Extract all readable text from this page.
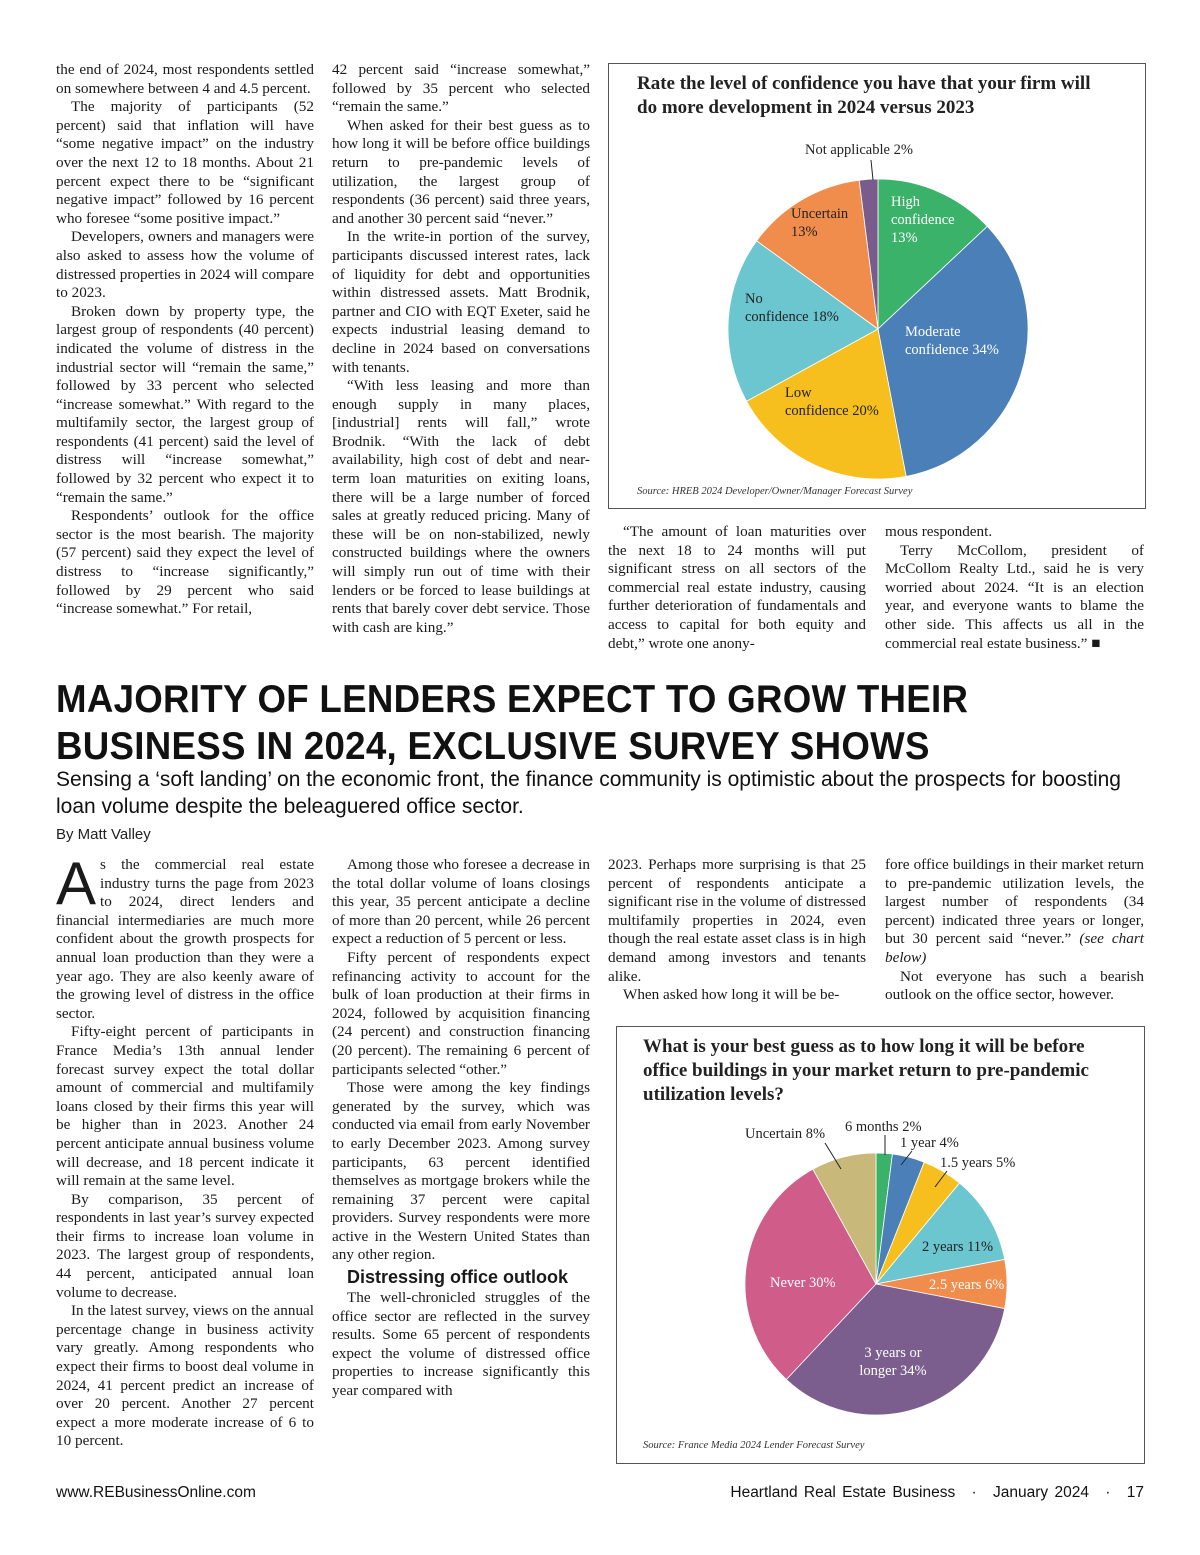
the end of 2024, most respondents settled on somewhere between 4 and 4.5 percent.

The majority of participants (52 percent) said that inflation will have “some negative impact” on the industry over the next 12 to 18 months. About 21 percent expect there to be “significant negative impact” followed by 16 percent who foresee “some positive impact.”

Developers, owners and managers were also asked to assess how the volume of distressed properties in 2024 will compare to 2023.

Broken down by property type, the largest group of respondents (40 percent) indicated the volume of distress in the industrial sector will “remain the same,” followed by 33 percent who selected “increase somewhat.” With regard to the multifamily sector, the largest group of respondents (41 percent) said the level of distress will “increase somewhat,” followed by 32 percent who expect it to “remain the same.”

Respondents’ outlook for the office sector is the most bearish. The majority (57 percent) said they expect the level of distress to “increase significantly,” followed by 29 percent who said “increase somewhat.” For retail,

42 percent said “increase somewhat,” followed by 35 percent who selected “remain the same.”

When asked for their best guess as to how long it will be before office buildings return to pre-pandemic levels of utilization, the largest group of respondents (36 percent) said three years, and another 30 percent said “never.”

In the write-in portion of the survey, participants discussed interest rates, lack of liquidity for debt and opportunities within distressed assets. Matt Brodnik, partner and CIO with EQT Exeter, said he expects industrial leasing demand to decline in 2024 based on conversations with tenants.

“With less leasing and more than enough supply in many places, [industrial] rents will fall,” wrote Brodnik. “With the lack of debt availability, high cost of debt and near-term loan maturities on exiting loans, there will be a large number of forced sales at greatly reduced pricing. Many of these will be on non-stabilized, newly constructed buildings where the owners will simply run out of time with their lenders or be forced to lease buildings at rents that barely cover debt service. Those with cash are king.”

Rate the level of confidence you have that your firm will
do more development in 2024 versus 2023
High
confidence
13%
Moderate
confidence 34%
Low
confidence 20%
No
confidence 18%
Uncertain
13%
Not applicable 2%
Source: HREB 2024 Developer/Owner/Manager Forecast Survey

“The amount of loan maturities over the next 18 to 24 months will put significant stress on all sectors of the commercial real estate industry, causing further deterioration of fundamentals and access to capital for both equity and debt,” wrote one anony-

mous respondent.

Terry McCollom, president of McCollom Realty Ltd., said he is very worried about 2024. “It is an election year, and everyone wants to blame the other side. This affects us all in the commercial real estate business.” ■

MAJORITY OF LENDERS EXPECT TO GROW THEIR
BUSINESS IN 2024, EXCLUSIVE SURVEY SHOWS
Sensing a ‘soft landing’ on the economic front, the finance community is optimistic about the prospects for boosting loan volume despite the beleaguered office sector.
By Matt Valley

As the commercial real estate industry turns the page from 2023 to 2024, direct lenders and financial intermediaries are much more confident about the growth prospects for annual loan production than they were a year ago. They are also keenly aware of the growing level of distress in the office sector.

Fifty-eight percent of participants in France Media’s 13th annual lender forecast survey expect the total dollar amount of commercial and multifamily loans closed by their firms this year will be higher than in 2023. Another 24 percent anticipate annual business volume will decrease, and 18 percent indicate it will remain at the same level.

By comparison, 35 percent of respondents in last year’s survey expected their firms to increase loan volume in 2023. The largest group of respondents, 44 percent, anticipated annual loan volume to decrease.

In the latest survey, views on the annual percentage change in business activity vary greatly. Among respondents who expect their firms to boost deal volume in 2024, 41 percent predict an increase of over 20 percent. Another 27 percent expect a more moderate increase of 6 to 10 percent.

Among those who foresee a decrease in the total dollar volume of loans closings this year, 35 percent anticipate a decline of more than 20 percent, while 26 percent expect a reduction of 5 percent or less.

Fifty percent of respondents expect refinancing activity to account for the bulk of loan production at their firms in 2024, followed by acquisition financing (24 percent) and construction financing (20 percent). The remaining 6 percent of participants selected “other.”

Those were among the key findings generated by the survey, which was conducted via email from early November to early December 2023. Among survey participants, 63 percent identified themselves as mortgage brokers while the remaining 37 percent were capital providers. Survey respondents were more active in the Western United States than any other region.

Distressing office outlook

The well-chronicled struggles of the office sector are reflected in the survey results. Some 65 percent of respondents expect the volume of distressed office properties to increase significantly this year compared with

2023. Perhaps more surprising is that 25 percent of respondents anticipate a significant rise in the volume of distressed multifamily properties in 2024, even though the real estate asset class is in high demand among investors and tenants alike.

When asked how long it will be be-

fore office buildings in their market return to pre-pandemic utilization levels, the largest number of respondents (34 percent) indicated three years or longer, but 30 percent said “never.” (see chart below)

Not everyone has such a bearish outlook on the office sector, however.

What is your best guess as to how long it will be before
office buildings in your market return to pre-pandemic
utilization levels?
6 months 2%
1 year 4%
1.5 years 5%
2 years 11%
2.5 years 6%
3 years or
longer 34%
Never 30%
Uncertain 8%
Source: France Media 2024 Lender Forecast Survey
www.REBusinessOnline.com	Heartland Real Estate Business · January 2024 · 17
